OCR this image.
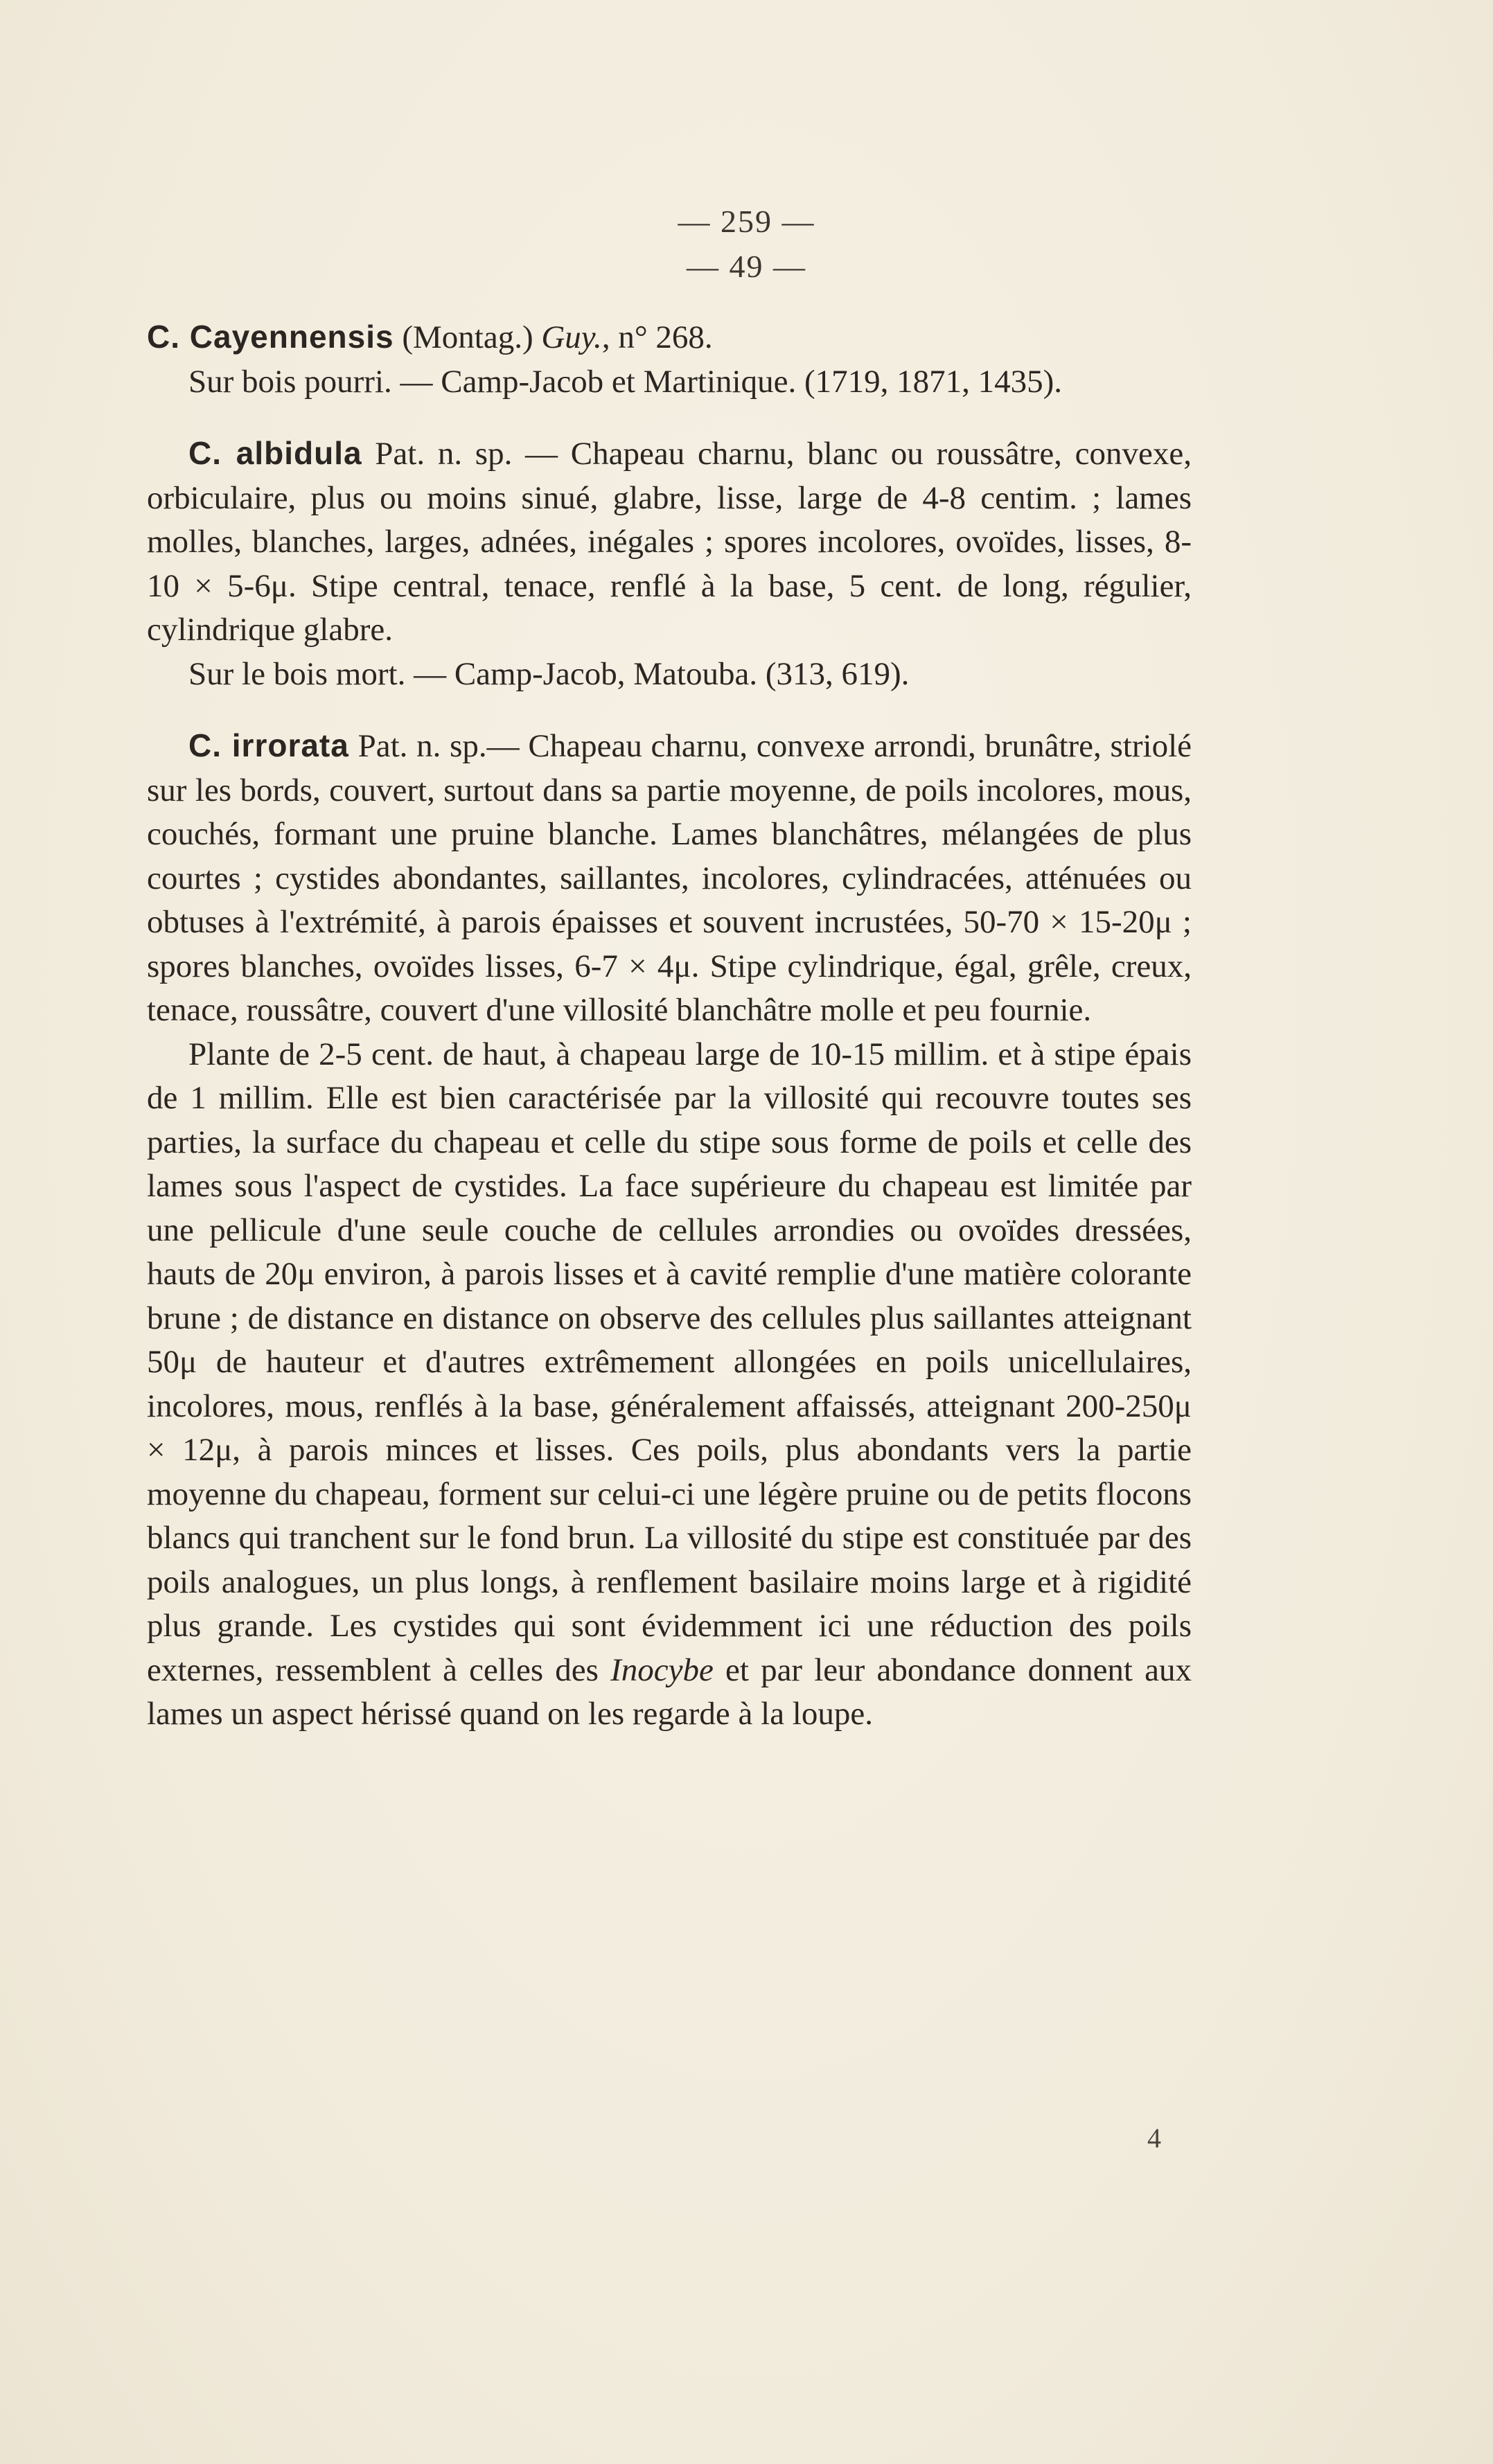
— 259 —
— 49 —

C. Cayennensis (Montag.) Guy., n° 268.

Sur bois pourri. — Camp-Jacob et Martinique. (1719, 1871, 1435).

C. albidula Pat. n. sp. — Chapeau charnu, blanc ou roussâtre, convexe, orbiculaire, plus ou moins sinué, glabre, lisse, large de 4-8 centim. ; lames molles, blanches, larges, adnées, inégales ; spores incolores, ovoïdes, lisses, 8-10 × 5-6μ. Stipe central, tenace, renflé à la base, 5 cent. de long, régulier, cylindrique glabre.

Sur le bois mort. — Camp-Jacob, Matouba. (313, 619).

C. irrorata Pat. n. sp.— Chapeau charnu, convexe arrondi, brunâtre, striolé sur les bords, couvert, surtout dans sa partie moyenne, de poils incolores, mous, couchés, formant une pruine blanche. Lames blanchâtres, mélangées de plus courtes ; cystides abondantes, saillantes, incolores, cylindracées, atténuées ou obtuses à l'extrémité, à parois épaisses et souvent incrustées, 50-70 × 15-20μ ; spores blanches, ovoïdes lisses, 6-7 × 4μ. Stipe cylindrique, égal, grêle, creux, tenace, roussâtre, couvert d'une villosité blanchâtre molle et peu fournie.

Plante de 2-5 cent. de haut, à chapeau large de 10-15 millim. et à stipe épais de 1 millim. Elle est bien caractérisée par la villosité qui recouvre toutes ses parties, la surface du chapeau et celle du stipe sous forme de poils et celle des lames sous l'aspect de cystides. La face supérieure du chapeau est limitée par une pellicule d'une seule couche de cellules arrondies ou ovoïdes dressées, hauts de 20μ environ, à parois lisses et à cavité remplie d'une matière colorante brune ; de distance en distance on observe des cellules plus saillantes atteignant 50μ de hauteur et d'autres extrêmement allongées en poils unicellulaires, incolores, mous, renflés à la base, généralement affaissés, atteignant 200-250μ × 12μ, à parois minces et lisses. Ces poils, plus abondants vers la partie moyenne du chapeau, forment sur celui-ci une légère pruine ou de petits flocons blancs qui tranchent sur le fond brun. La villosité du stipe est constituée par des poils analogues, un plus longs, à renflement basilaire moins large et à rigidité plus grande. Les cystides qui sont évidemment ici une réduction des poils externes, ressemblent à celles des Inocybe et par leur abondance donnent aux lames un aspect hérissé quand on les regarde à la loupe.

4
